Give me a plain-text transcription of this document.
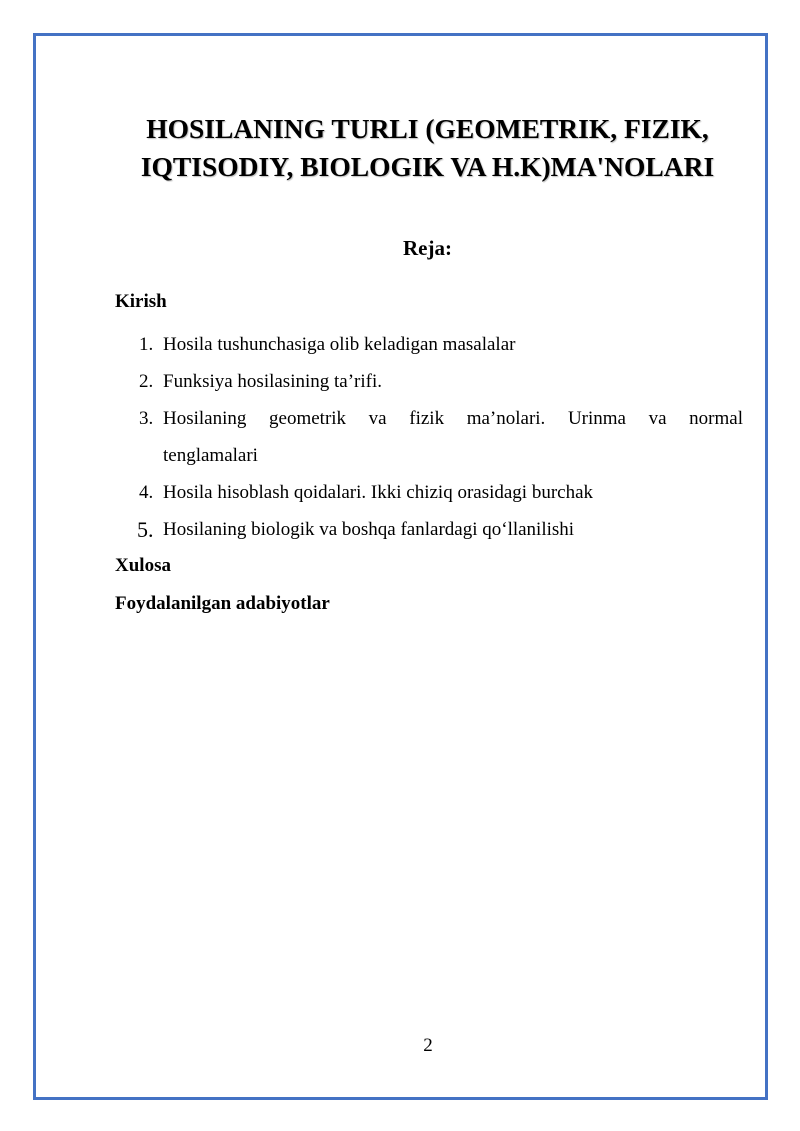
HOSILANING TURLI (GEOMETRIK, FIZIK, IQTISODIY, BIOLOGIK VA H.K)MA'NOLARI
Reja:
Kirish
1. Hosila tushunchasiga olib keladigan masalalar
2. Funksiya hosilasining ta’rifi.
3. Hosilaning geometrik va fizik ma’nolari. Urinma va normal tenglamalari
4. Hosila hisoblash qoidalari. Ikki chiziq orasidagi burchak
5. Hosilaning biologik va boshqa fanlardagi qo‘llanilishi
Xulosa
Foydalanilgan adabiyotlar
2
